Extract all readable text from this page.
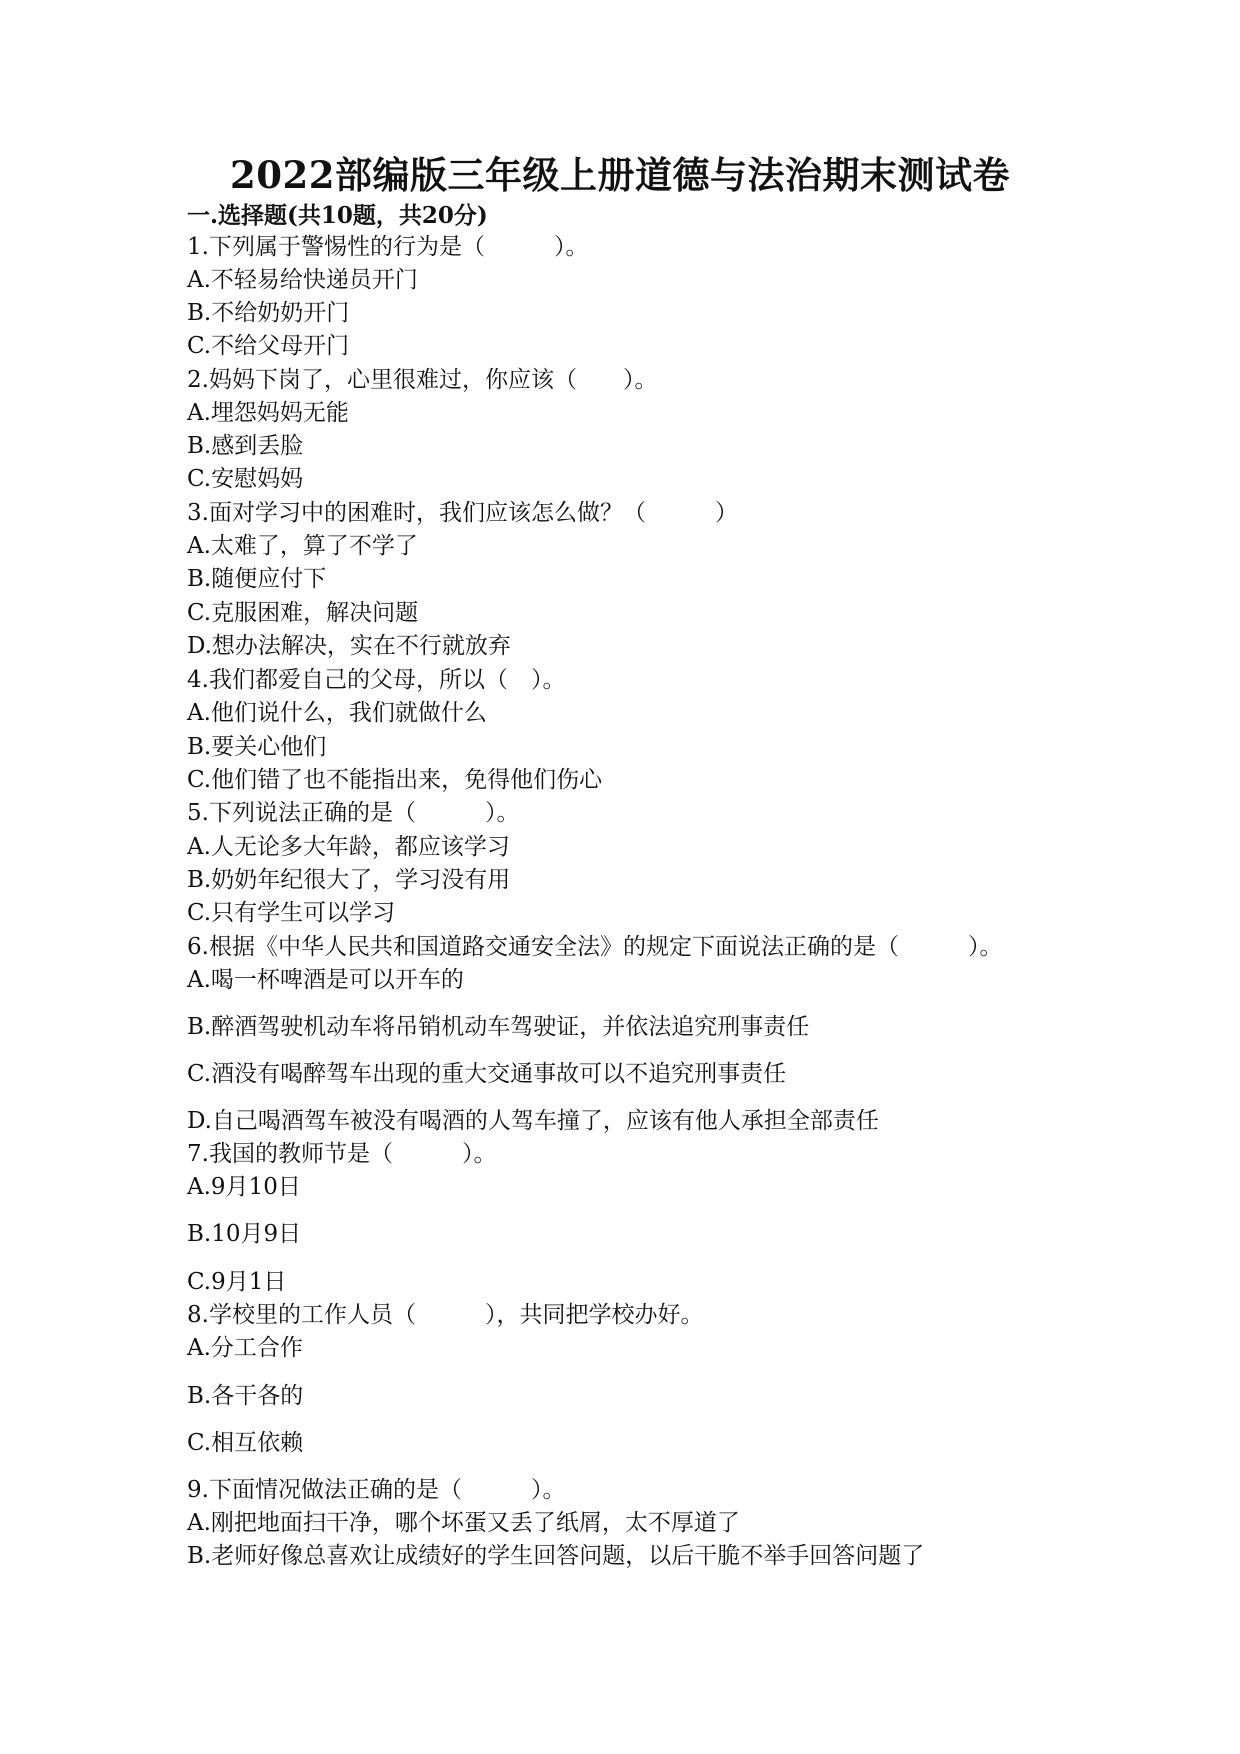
2022部编版三年级上册道德与法治期末测试卷
一.选择题(共10题，共20分)
1.下列属于警惕性的行为是（　　　）。
A.不轻易给快递员开门
B.不给奶奶开门
C.不给父母开门
2.妈妈下岗了，心里很难过，你应该（　　）。
A.埋怨妈妈无能
B.感到丢脸
C.安慰妈妈
3.面对学习中的困难时，我们应该怎么做？（　　　）
A.太难了，算了不学了
B.随便应付下
C.克服困难，解决问题
D.想办法解决，实在不行就放弃
4.我们都爱自己的父母，所以（　）。
A.他们说什么，我们就做什么
B.要关心他们
C.他们错了也不能指出来，免得他们伤心
5.下列说法正确的是（　　　）。
A.人无论多大年龄，都应该学习
B.奶奶年纪很大了，学习没有用
C.只有学生可以学习
6.根据《中华人民共和国道路交通安全法》的规定下面说法正确的是（　　　）。
A.喝一杯啤酒是可以开车的
B.醉酒驾驶机动车将吊销机动车驾驶证，并依法追究刑事责任
C.酒没有喝醉驾车出现的重大交通事故可以不追究刑事责任
D.自己喝酒驾车被没有喝酒的人驾车撞了，应该有他人承担全部责任
7.我国的教师节是（　　　）。
A.9月10日
B.10月9日
C.9月1日
8.学校里的工作人员（　　　），共同把学校办好。
A.分工合作
B.各干各的
C.相互依赖
9.下面情况做法正确的是（　　　）。
A.刚把地面扫干净，哪个坏蛋又丢了纸屑，太不厚道了
B.老师好像总喜欢让成绩好的学生回答问题，以后干脆不举手回答问题了
